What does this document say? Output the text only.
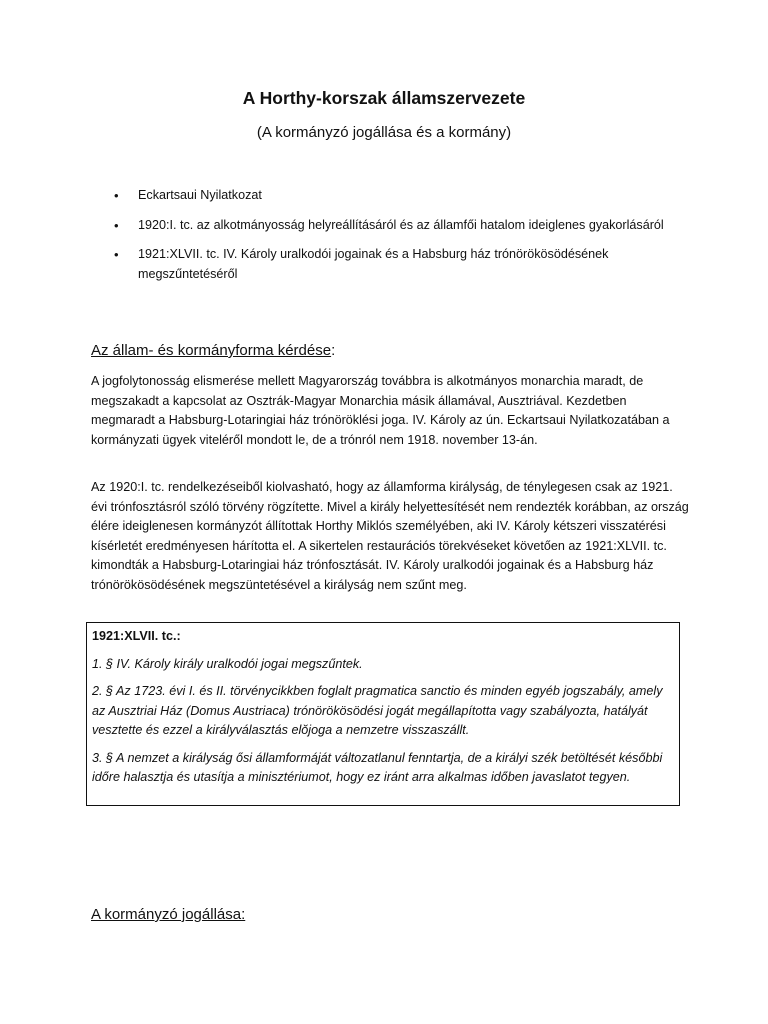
A Horthy-korszak államszervezete
(A kormányzó jogállása és a kormány)
• Eckartsaui Nyilatkozat
• 1920:I. tc. az alkotmányosság helyreállításáról és az államfői hatalom ideiglenes gyakorlásáról
• 1921:XLVII. tc. IV. Károly uralkodói jogainak és a Habsburg ház trónörökösödésének megszűntetéséről
Az állam- és kormányforma kérdése:

A jogfolytonosság elismerése mellett Magyarország továbbra is alkotmányos monarchia maradt, de megszakadt a kapcsolat az Osztrák-Magyar Monarchia másik államával, Ausztriával. Kezdetben megmaradt a Habsburg-Lotaringiai ház trónöröklési joga. IV. Károly az ún. Eckartsaui Nyilatkozatában a kormányzati ügyek viteléről mondott le, de a trónról nem 1918. november 13-án.

Az 1920:I. tc. rendelkezéseiből kiolvasható, hogy az államforma királyság, de ténylegesen csak az 1921. évi trónfosztásról szóló törvény rögzítette. Mivel a király helyettesítését nem rendezték korábban, az ország élére ideiglenesen kormányzót állítottak Horthy Miklós személyében, aki IV. Károly kétszeri visszatérési kísérletét eredményesen hárította el. A sikertelen restaurációs törekvéseket követően az 1921:XLVII. tc. kimondták a Habsburg-Lotaringiai ház trónfosztását. IV. Károly uralkodói jogainak és a Habsburg ház trónörökösödésének megszüntetésével a királyság nem szűnt meg.

1921:XLVII. tc.:

1. § IV. Károly király uralkodói jogai megszűntek.

2. § Az 1723. évi I. és II. törvénycikkben foglalt pragmatica sanctio és minden egyéb jogszabály, amely az Ausztriai Ház (Domus Austriaca) trónörökösödési jogát megállapította vagy szabályozta, hatályát vesztette és ezzel a királyválasztás elŏjoga a nemzetre visszaszállt.

3. § A nemzet a királyság ősi államformáját változatlanul fenntartja, de a királyi szék betöltését későbbi időre halasztja és utasítja a minisztériumot, hogy ez iránt arra alkalmas időben javaslatot tegyen.

A kormányzó jogállása:
